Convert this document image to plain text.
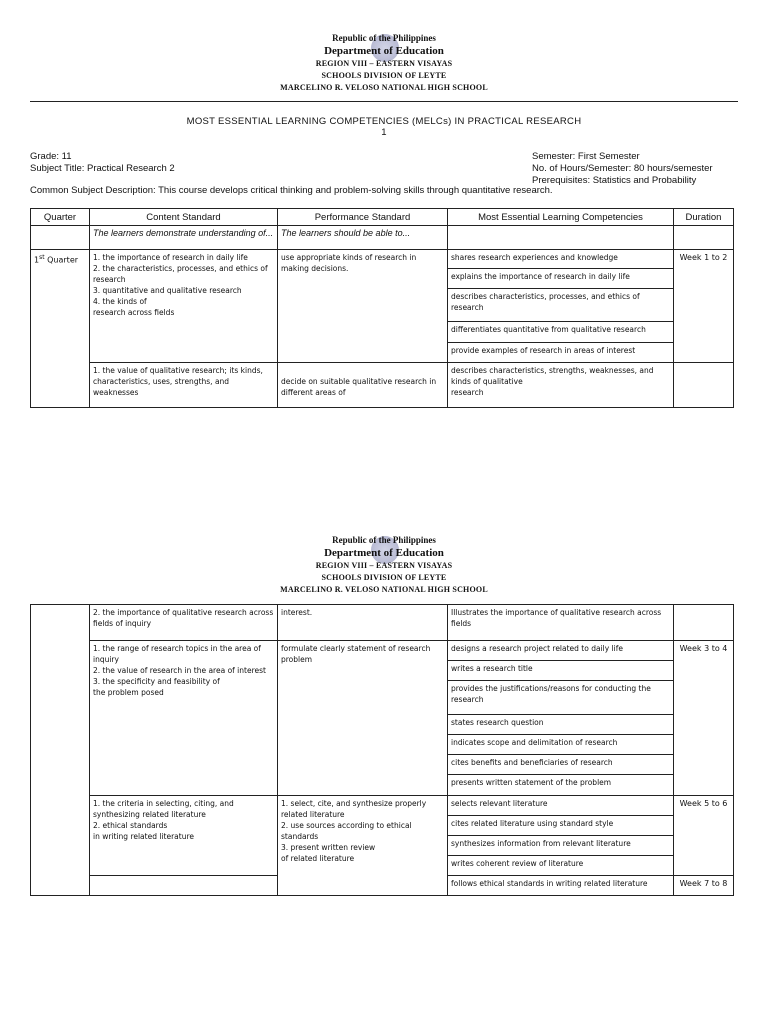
Republic of the Philippines
Department of Education
REGION VIII – EASTERN VISAYAS
SCHOOLS DIVISION OF LEYTE
MARCELINO R. VELOSO NATIONAL HIGH SCHOOL
MOST ESSENTIAL LEARNING COMPETENCIES (MELCs) IN PRACTICAL RESEARCH
1
Grade: 11
Subject Title: Practical Research 2
Semester: First Semester
No. of Hours/Semester: 80 hours/semester
Prerequisites: Statistics and Probability
Common Subject Description: This course develops critical thinking and problem-solving skills through quantitative research.
Quarter	Content Standard	Performance Standard	Most Essential Learning Competencies	Duration
	The learners demonstrate understanding of...	The learners should be able to...		
1st Quarter	1. the importance of research in daily life
2. the characteristics, processes, and ethics of research
3. quantitative and qualitative research
4. the kinds of
research across fields	use appropriate kinds of research in making decisions.	shares research experiences and knowledge	Week 1 to 2
			explains the importance of research in daily life	
			describes characteristics, processes, and ethics of research	
			differentiates quantitative from qualitative research	
			provide examples of research in areas of interest	
	1. the value of qualitative research; its kinds, characteristics, uses, strengths, and weaknesses	decide on suitable qualitative research in different areas of	describes characteristics, strengths, weaknesses, and kinds of qualitative
research	
Republic of the Philippines
Department of Education
REGION VIII – EASTERN VISAYAS
SCHOOLS DIVISION OF LEYTE
MARCELINO R. VELOSO NATIONAL HIGH SCHOOL
	2. the importance of qualitative research across
fields of inquiry	interest.	Illustrates the importance of qualitative research across fields	
	1. the range of research topics in the area of inquiry
2. the value of research in the area of interest
3. the specificity and feasibility of
the problem posed	formulate clearly statement of research problem	designs a research project related to daily life	Week 3 to 4
			writes a research title	
			provides the justifications/reasons for conducting the research	
			states research question	
			indicates scope and delimitation of research	
			cites benefits and beneficiaries of research	
			presents written statement of the problem	
	1. the criteria in selecting, citing, and synthesizing related literature
2. ethical standards
in writing related literature	1. select, cite, and synthesize properly related literature
2. use sources according to ethical standards
3. present written review
of related literature	selects relevant literature	Week 5 to 6
			cites related literature using standard style	
			synthesizes information from relevant literature	
			writes coherent review of literature	
			follows ethical standards in writing related literature	Week 7 to 8
